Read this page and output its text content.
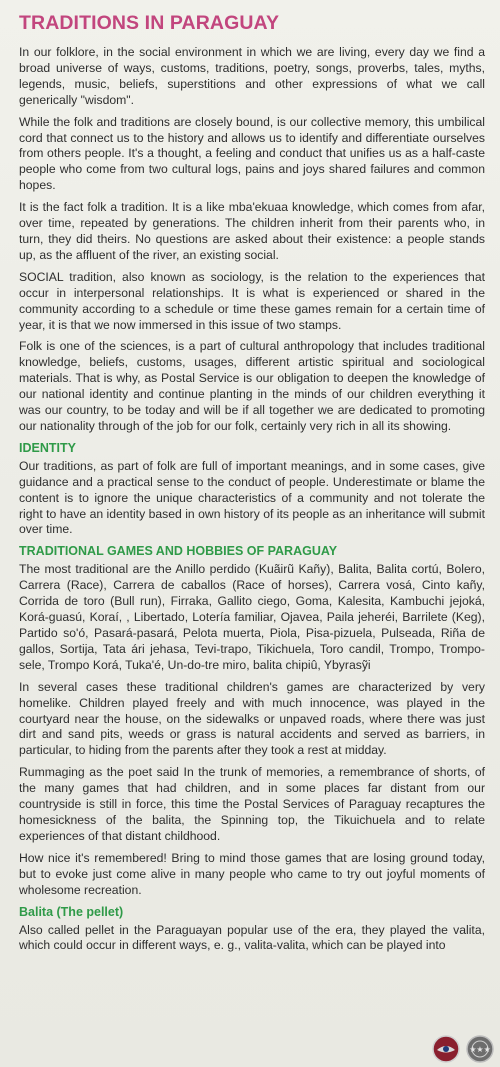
TRADITIONS IN PARAGUAY

In our folklore, in the social environment in which we are living, every day we find a broad universe of ways, customs, traditions, poetry, songs, proverbs, tales, myths, legends, music, beliefs, superstitions and other expressions of what we call generically "wisdom".

While the folk and traditions are closely bound, is our collective memory, this umbilical cord that connect us to the history and allows us to identify and differentiate ourselves from others people. It's a thought, a feeling and conduct that unifies us as a half-caste people who come from two cultural logs, pains and joys shared failures and common hopes.

It is the fact folk a tradition. It is a like mba'ekuaa knowledge, which comes from afar, over time, repeated by generations. The children inherit from their parents who, in turn, they did theirs. No questions are asked about their existence: a people stands up, as the affluent of the river, an existing social.

SOCIAL tradition, also known as sociology, is the relation to the experiences that occur in interpersonal relationships. It is what is experienced or shared in the community according to a schedule or time these games remain for a certain time of year, it is that we now immersed in this issue of two stamps.

Folk is one of the sciences, is a part of cultural anthropology that includes traditional knowledge, beliefs, customs, usages, different artistic spiritual and sociological materials. That is why, as Postal Service is our obligation to deepen the knowledge of our national identity and continue planting in the minds of our children everything it was our country, to be today and will be if all together we are dedicated to promoting our nationality through of the job for our folk, certainly very rich in all its showing.

IDENTITY

Our traditions, as part of folk are full of important meanings, and in some cases, give guidance and a practical sense to the conduct of people. Underestimate or blame the content is to ignore the unique characteristics of a community and not tolerate the right to have an identity based in own history of its people as an inheritance will submit over time.

TRADITIONAL GAMES AND HOBBIES OF PARAGUAY

The most traditional are the Anillo perdido (Kuãirũ Kañy), Balita, Balita cortú, Bolero, Carrera (Race), Carrera de caballos (Race of horses), Carrera vosá, Cinto kañy, Corrida de toro (Bull run), Firraka, Gallito ciego, Goma, Kalesita, Kambuchi jejoká, Korá-guasú, Koraí, , Libertado, Lotería familiar, Ojavea, Paila jeheréi, Barrilete (Keg), Partido so'ó, Pasará-pasará, Pelota muerta, Piola, Pisa-pizuela, Pulseada, Riña de gallos, Sortija, Tata ári jehasa, Tevi-trapo, Tikichuela, Toro candil, Trompo, Trompo-sele, Trompo Korá, Tuka'é, Un-do-tre miro, balita chipiû, Ybyrasỹi

In several cases these traditional children's games are characterized by very homelike. Children played freely and with much innocence, was played in the courtyard near the house, on the sidewalks or unpaved roads, where there was just dirt and sand pits, weeds or grass is natural accidents and served as barriers, in particular, to hiding from the parents after they took a rest at midday.

Rummaging as the poet said In the trunk of memories, a remembrance of shorts, of the many games that had children, and in some places far distant from our countryside is still in force, this time the Postal Services of Paraguay recaptures the homesickness of the balita, the Spinning top, the Tikuichuela and to relate experiences of that distant childhood.

How nice it's remembered! Bring to mind those games that are losing ground today, but to evoke just come alive in many people who came to try out joyful moments of wholesome recreation.

Balita (The pellet)

Also called pellet in the Paraguayan popular use of the era, they played the valita, which could occur in different ways, e. g., valita-valita, which can be played into

★★★
